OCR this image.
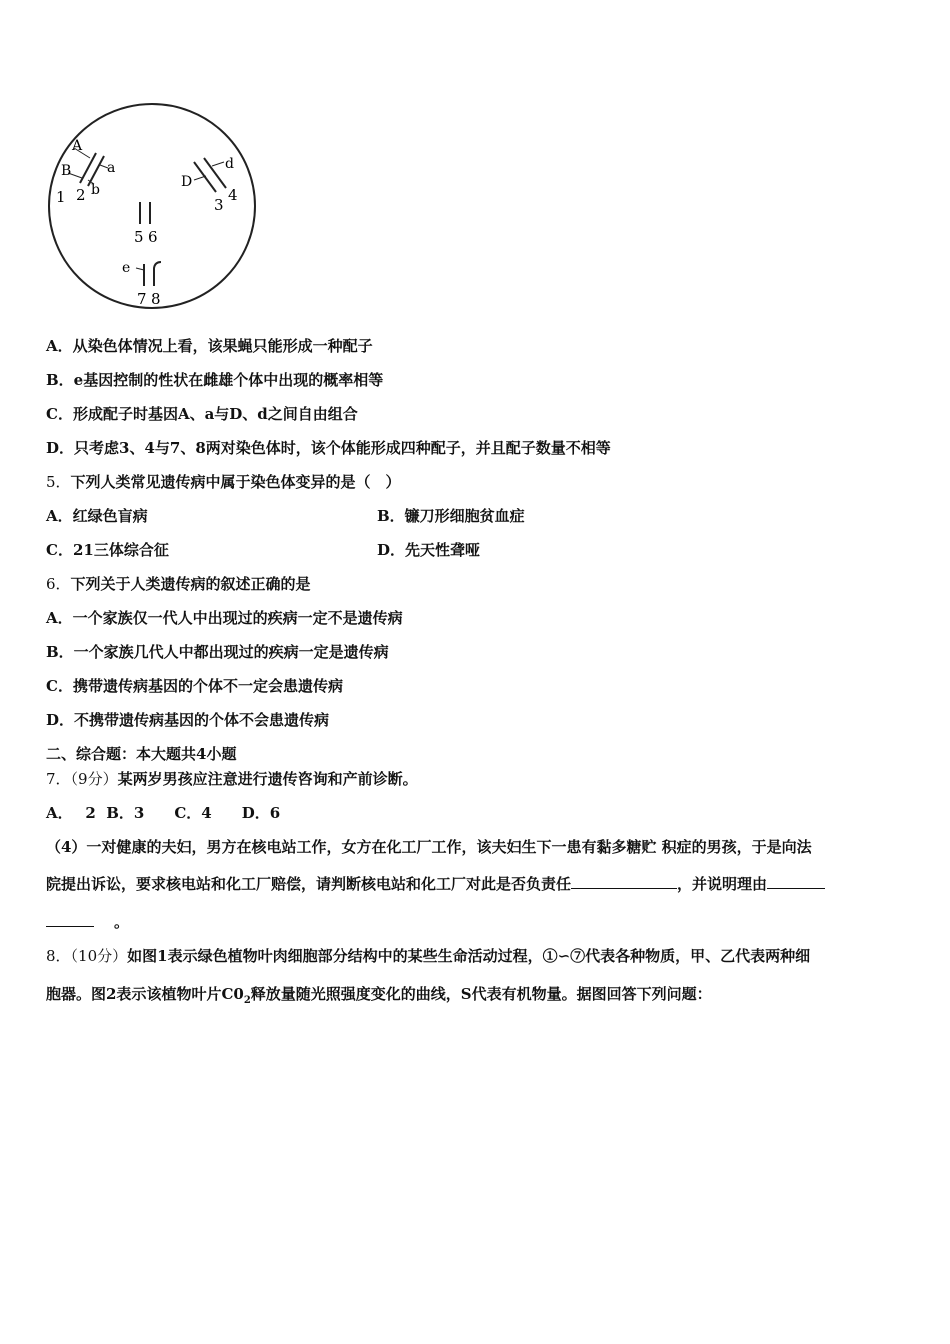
A
B	a
b
1 2
D
d
3
4
5 6
e
7 8
A．从染色体情况上看，该果蝇只能形成一种配子
B．e基因控制的性状在雌雄个体中出现的概率相等
C．形成配子时基因A、a与D、d之间自由组合
D．只考虑3、4与7、8两对染色体时，该个体能形成四种配子，并且配子数量不相等
5．下列人类常见遗传病中属于染色体变异的是（　）
A．红绿色盲病	B．镰刀形细胞贫血症
C．21三体综合征	D．先天性聋哑
6．下列关于人类遗传病的叙述正确的是
A．一个家族仅一代人中出现过的疾病一定不是遗传病
B．一个家族几代人中都出现过的疾病一定是遗传病
C．携带遗传病基因的个体不一定会患遗传病
D．不携带遗传病基因的个体不会患遗传病
二、综合题：本大题共4小题
7．（9分）某两岁男孩应注意进行遗传咨询和产前诊断。
A．　 2  B．3　　C．4　　D．6
（4）一对健康的夫妇，男方在核电站工作，女方在化工厂工作，该夫妇生下一患有黏多糖贮 积症的男孩，于是向法
院提出诉讼，要求核电站和化工厂赔偿，请判断核电站和化工厂对此是否负责任	，并说明理由
。
8．（10分）如图1表示绿色植物叶肉细胞部分结构中的某些生命活动过程，①∽⑦代表各种物质，甲、乙代表两种细
胞器。图2表示该植物叶片$C0_2$释放量随光照强度变化的曲线，S代表有机物量。据图回答下列问题：
